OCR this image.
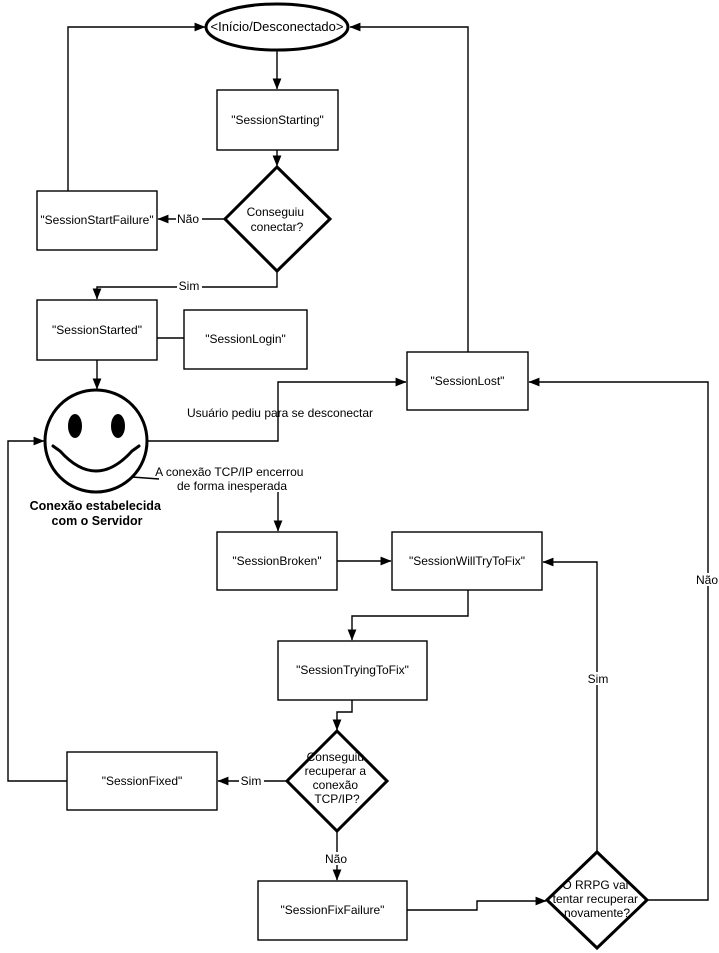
<Início/Desconectado>
"SessionStarting"
Conseguiu conectar?
"SessionStartFailure"
"SessionStarted"
"SessionLogin"
Conexão estabelecida com o Servidor
"SessionLost"
"SessionBroken"	"SessionWillTryToFix"
"SessionTryingToFix"
Conseguiu recuperar a conexão TCP/IP?
"SessionFixed"
"SessionFixFailure"
O RRPG vai tentar recuperar novamente?
Não
Sim
Usuário pediu para se desconectar
A conexão TCP/IP encerrou de forma inesperada
Sim
Não
Sim
Não
